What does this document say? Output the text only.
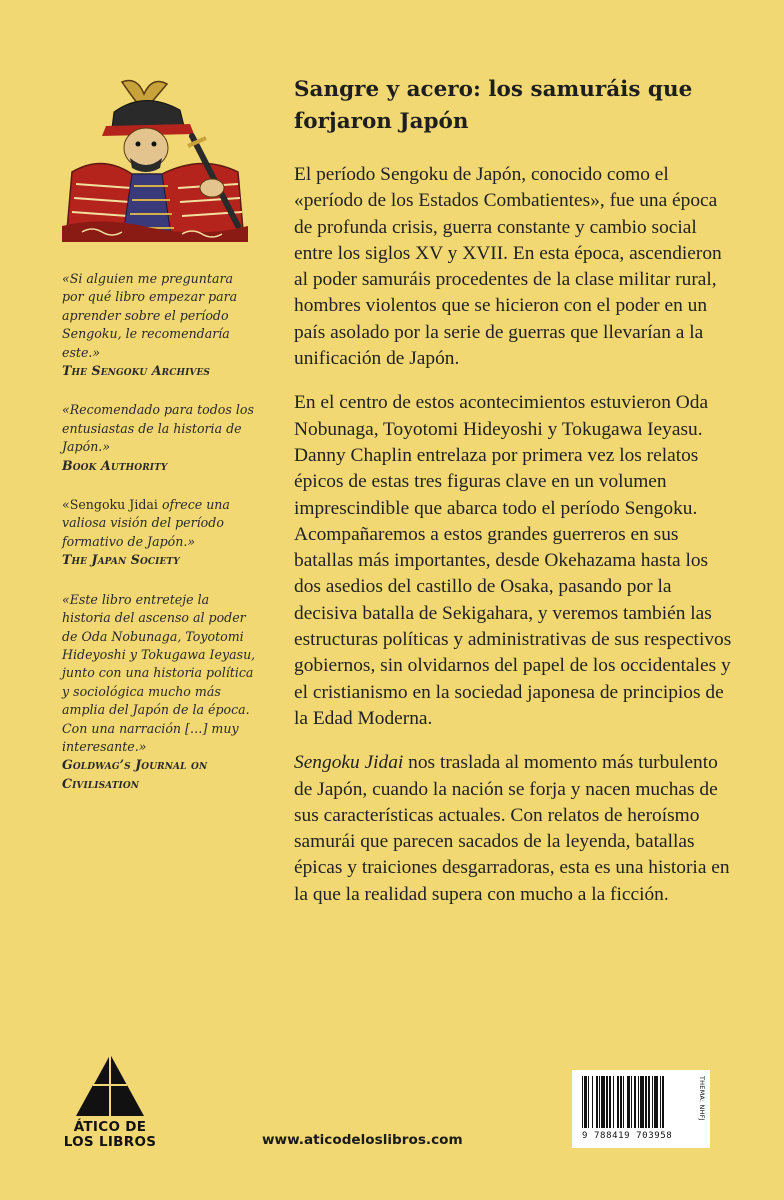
«Si alguien me preguntara por qué libro empezar para aprender sobre el período Sengoku, le recomendaría este.»
The Sengoku Archives
«Recomendado para todos los entusiastas de la historia de Japón.»
Book Authority
«Sengoku Jidai ofrece una valiosa visión del período formativo de Japón.»
The Japan Society
«Este libro entreteje la historia del ascenso al poder de Oda Nobunaga, Toyotomi Hideyoshi y Tokugawa Ieyasu, junto con una historia política y sociológica mucho más amplia del Japón de la época. Con una narración […] muy interesante.»
Goldwag’s Journal on Civilisation
Sangre y acero: los samuráis que forjaron Japón

El período Sengoku de Japón, conocido como el «período de los Estados Combatientes», fue una época de profunda crisis, guerra constante y cambio social entre los siglos XV y XVII. En esta época, ascendieron al poder samuráis procedentes de la clase militar rural, hombres violentos que se hicieron con el poder en un país asolado por la serie de guerras que llevarían a la unificación de Japón.

En el centro de estos acontecimientos estuvieron Oda Nobunaga, Toyotomi Hideyoshi y Tokugawa Ieyasu. Danny Chaplin entrelaza por primera vez los relatos épicos de estas tres figuras clave en un volumen imprescindible que abarca todo el período Sengoku. Acompañaremos a estos grandes guerreros en sus batallas más importantes, desde Okehazama hasta los dos asedios del castillo de Osaka, pasando por la decisiva batalla de Sekigahara, y veremos también las estructuras políticas y administrativas de sus respectivos gobiernos, sin olvidarnos del papel de los occidentales y el cristianismo en la sociedad japonesa de principios de la Edad Moderna.

Sengoku Jidai nos traslada al momento más turbulento de Japón, cuando la nación se forja y nacen muchas de sus características actuales. Con relatos de heroísmo samurái que parecen sacados de la leyenda, batallas épicas y traiciones desgarradoras, esta es una historia en la que la realidad supera con mucho a la ficción.

ÁTICO DE
LOS LIBROS	www.aticodeloslibros.com	9 788419 703958
THEMA: NHFJ
